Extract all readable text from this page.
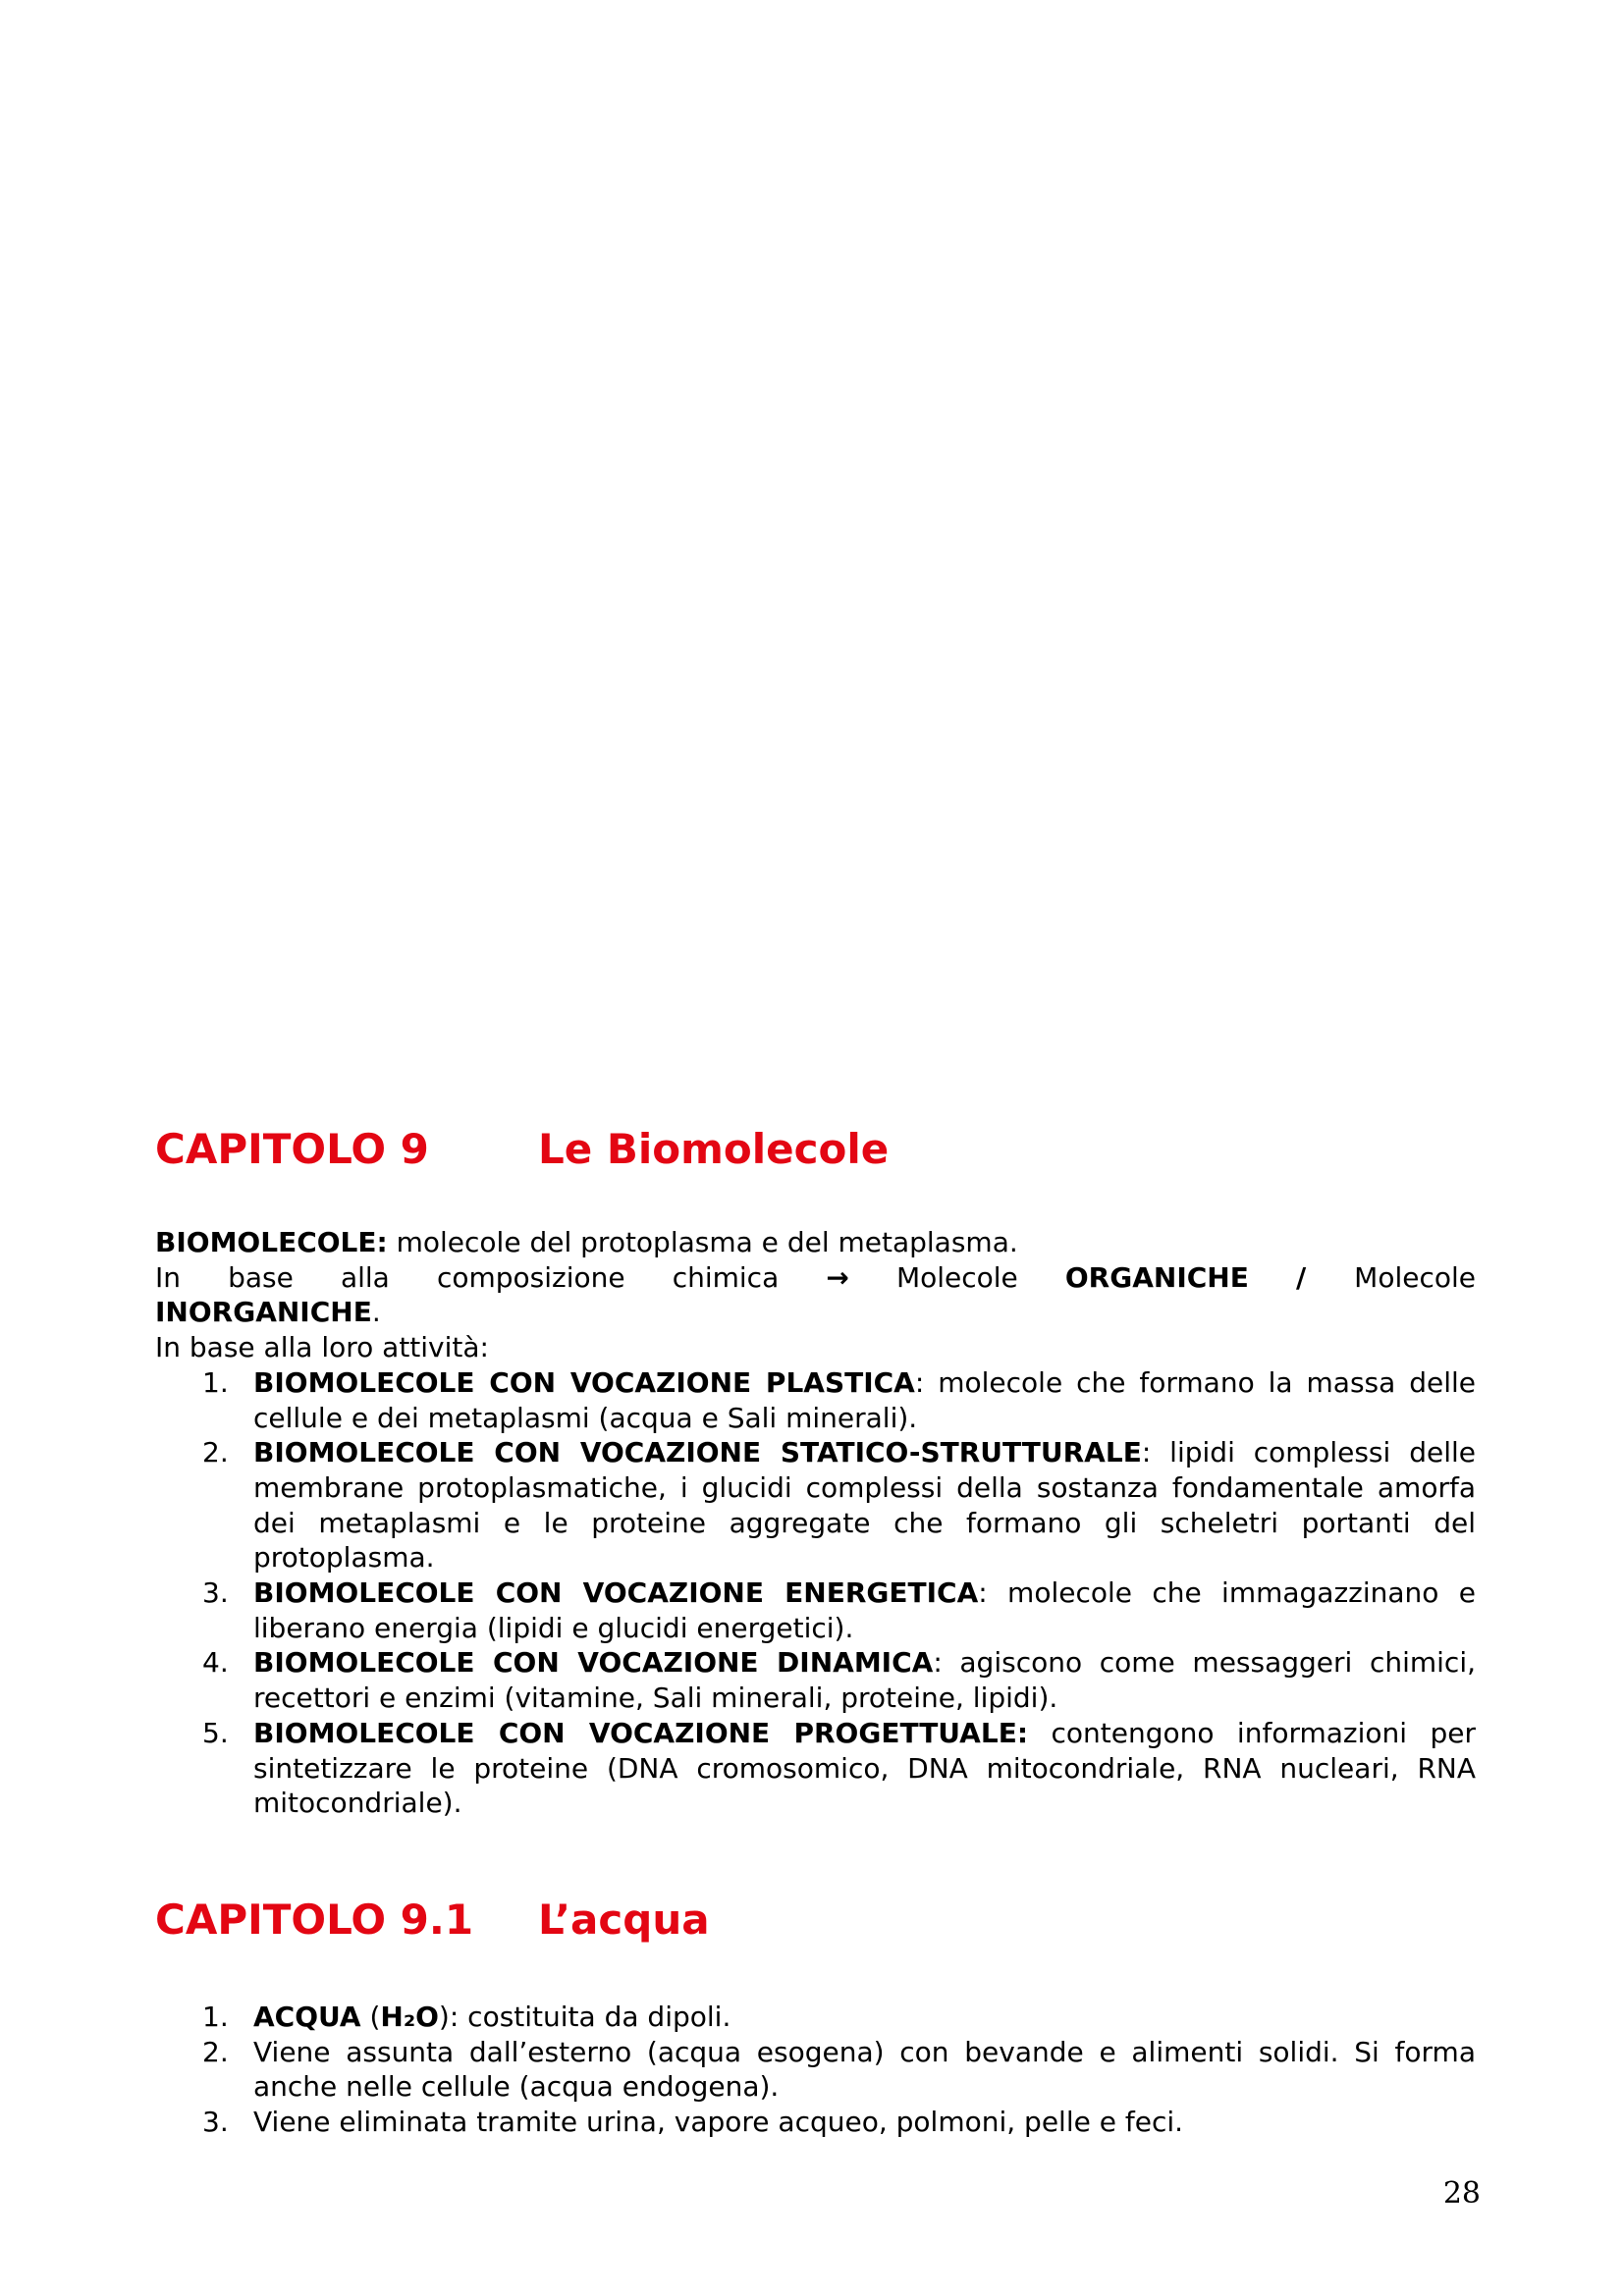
CAPITOLO 9	Le Biomolecole

BIOMOLECOLE: molecole del protoplasma e del metaplasma.

In base alla composizione chimica → Molecole ORGANICHE / Molecole

INORGANICHE.

In base alla loro attività:

1. BIOMOLECOLE CON VOCAZIONE PLASTICA: molecole che formano la massa delle cellule e dei metaplasmi (acqua e Sali minerali).
2. BIOMOLECOLE CON VOCAZIONE STATICO-STRUTTURALE: lipidi complessi delle membrane protoplasmatiche, i glucidi complessi della sostanza fondamentale amorfa dei metaplasmi e le proteine aggregate che formano gli scheletri portanti del protoplasma.
3. BIOMOLECOLE CON VOCAZIONE ENERGETICA: molecole che immagazzinano e liberano energia (lipidi e glucidi energetici).
4. BIOMOLECOLE CON VOCAZIONE DINAMICA: agiscono come messaggeri chimici, recettori e enzimi (vitamine, Sali minerali, proteine, lipidi).
5. BIOMOLECOLE CON VOCAZIONE PROGETTUALE: contengono informazioni per sintetizzare le proteine (DNA cromosomico, DNA mitocondriale, RNA nucleari, RNA mitocondriale).
CAPITOLO 9.1 L’acqua
1. ACQUA (H₂O): costituita da dipoli.
2. Viene assunta dall’esterno (acqua esogena) con bevande e alimenti solidi. Si forma anche nelle cellule (acqua endogena).
3. Viene eliminata tramite urina, vapore acqueo, polmoni, pelle e feci.
28
